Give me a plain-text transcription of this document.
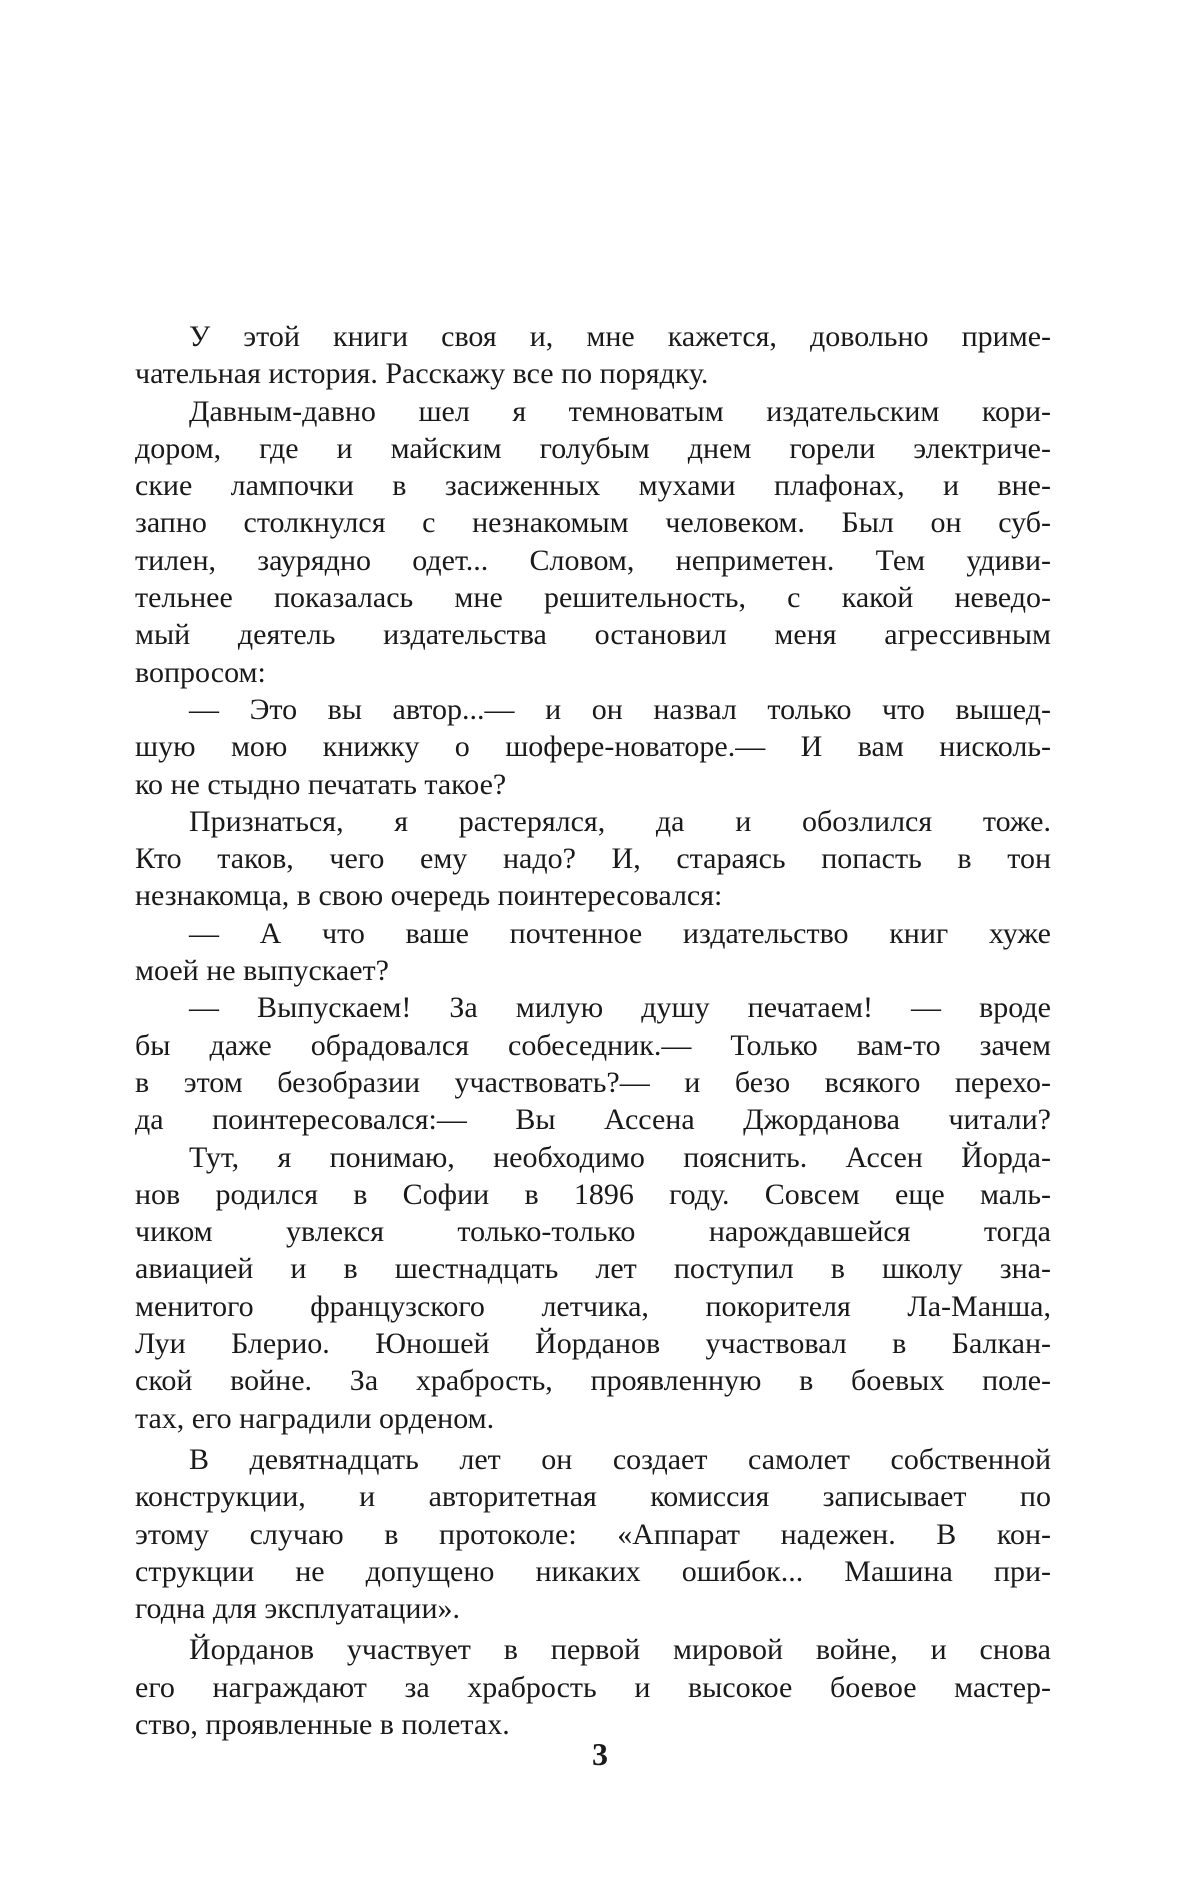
У этой книги своя и, мне кажется, довольно приме-
чательная история. Расскажу все по порядку.
Давным-давно шел я темноватым издательским кори-
дором, где и майским голубым днем горели электриче-
ские лампочки в засиженных мухами плафонах, и вне-
запно столкнулся с незнакомым человеком. Был он суб-
тилен, заурядно одет... Словом, неприметен. Тем удиви-
тельнее показалась мне решительность, с какой неведо-
мый деятель издательства остановил меня агрессивным
вопросом:
— Это вы автор...— и он назвал только что вышед-
шую мою книжку о шофере-новаторе.— И вам нисколь-
ко не стыдно печатать такое?
Признаться, я растерялся, да и обозлился тоже.
Кто таков, чего ему надо? И, стараясь попасть в тон
незнакомца, в свою очередь поинтересовался:
— А что ваше почтенное издательство книг хуже
моей не выпускает?
— Выпускаем! За милую душу печатаем! — вроде
бы даже обрадовался собеседник.— Только вам-то зачем
в этом безобразии участвовать?— и безо всякого перехо-
да поинтересовался:— Вы Ассена Джорданова читали?
Тут, я понимаю, необходимо пояснить. Ассен Йорда-
нов родился в Софии в 1896 году. Совсем еще маль-
чиком увлекся только-только нарождавшейся тогда
авиацией и в шестнадцать лет поступил в школу зна-
менитого французского летчика, покорителя Ла-Манша,
Луи Блерио. Юношей Йорданов участвовал в Балкан-
ской войне. За храбрость, проявленную в боевых поле-
тах, его наградили орденом.
В девятнадцать лет он создает самолет собственной
конструкции, и авторитетная комиссия записывает по
этому случаю в протоколе: «Аппарат надежен. В кон-
струкции не допущено никаких ошибок... Машина при-
годна для эксплуатации».
Йорданов участвует в первой мировой войне, и снова
его награждают за храбрость и высокое боевое мастер-
ство, проявленные в полетах.
3
